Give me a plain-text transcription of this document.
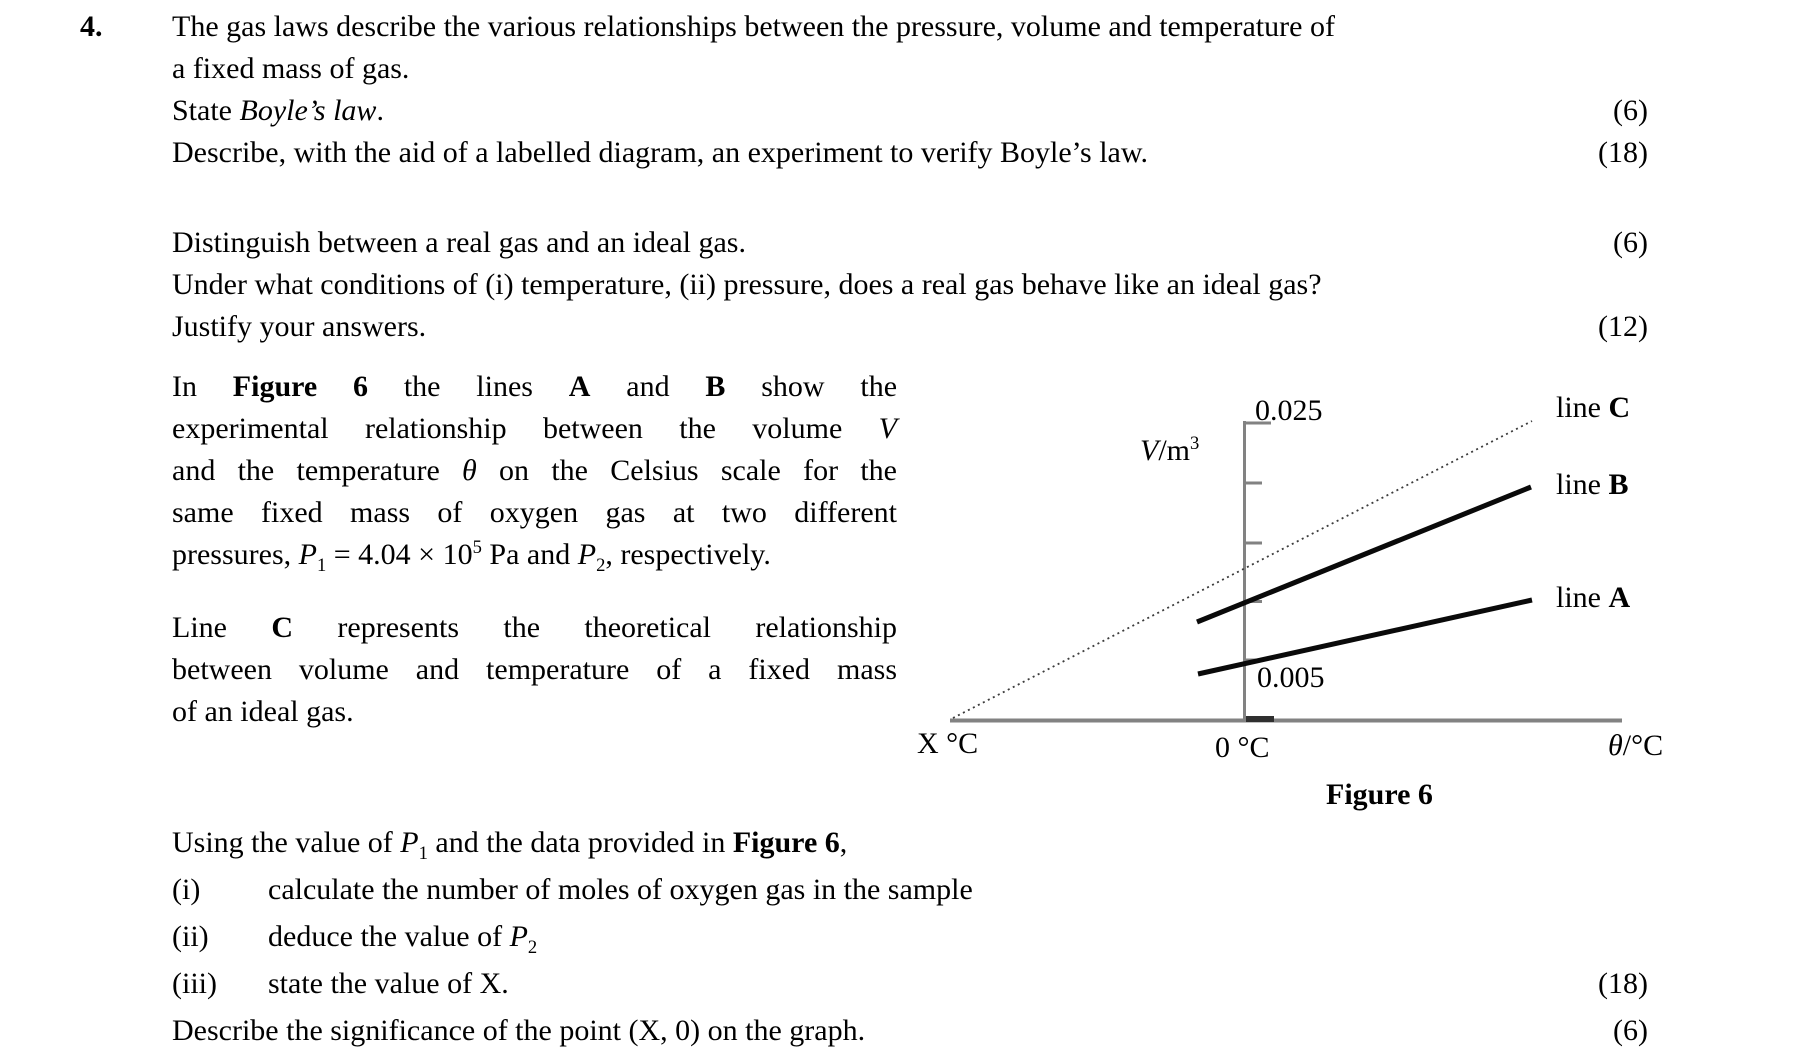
4. The gas laws describe the various relationships between the pressure, volume and temperature of
a fixed mass of gas.
State Boyle’s law.	(6)
Describe, with the aid of a labelled diagram, an experiment to verify Boyle’s law.	(18)
Distinguish between a real gas and an ideal gas.	(6)
Under what conditions of (i) temperature, (ii) pressure, does a real gas behave like an ideal gas?
Justify your answers.	(12)
In Figure 6 the lines A and B show the
experimental relationship between the volume V
and the temperature θ on the Celsius scale for the
same fixed mass of oxygen gas at two different
pressures, $P_1 = 4.04 \times 10^5$ Pa and $P_2$, respectively.
Line C represents the theoretical relationship
between volume and temperature of a fixed mass
of an ideal gas.
$V/m^3$
0.025
0.005
X °C	0 °C	θ/°C
Figure 6
line C
line B
line A
Using the value of $P_1$ and the data provided in Figure 6,
(i) calculate the number of moles of oxygen gas in the sample
(ii) deduce the value of $P_2$
(iii) state the value of X.	(18)
Describe the significance of the point (X, 0) on the graph.	(6)
